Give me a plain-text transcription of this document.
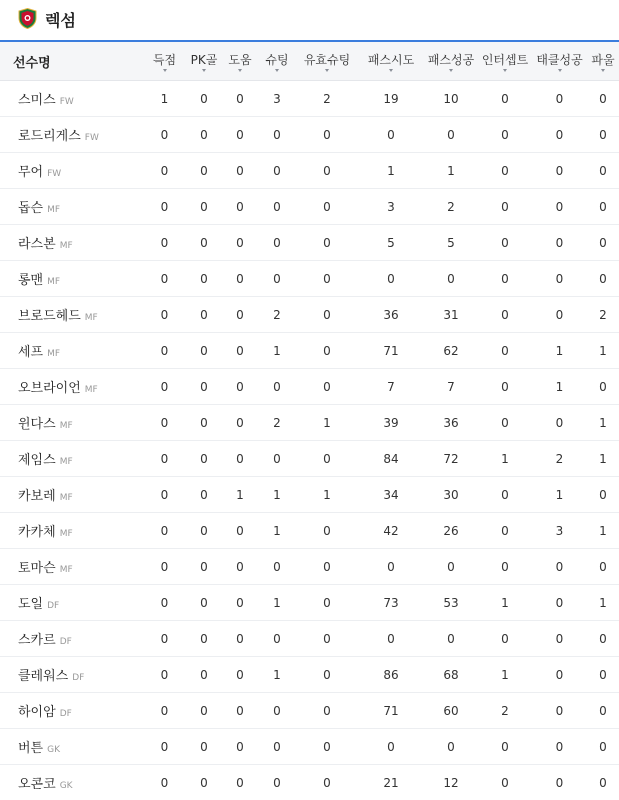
렉섬
선수명	득점	PK골	도움	슈팅	유효슈팅	패스시도	패스성공	인터셉트	태클성공	파울

스미스 FW	1	0	0	3	2	19	10	0	0	0
로드리게스 FW	0	0	0	0	0	0	0	0	0	0
무어 FW	0	0	0	0	0	1	1	0	0	0
돕슨 MF	0	0	0	0	0	3	2	0	0	0
라스본 MF	0	0	0	0	0	5	5	0	0	0
롱맨 MF	0	0	0	0	0	0	0	0	0	0
브로드헤드 MF	0	0	0	2	0	36	31	0	0	2
세프 MF	0	0	0	1	0	71	62	0	1	1
오브라이언 MF	0	0	0	0	0	7	7	0	1	0
윈다스 MF	0	0	0	2	1	39	36	0	0	1
제임스 MF	0	0	0	0	0	84	72	1	2	1
카보레 MF	0	0	1	1	1	34	30	0	1	0
카카체 MF	0	0	0	1	0	42	26	0	3	1
토마슨 MF	0	0	0	0	0	0	0	0	0	0
도일 DF	0	0	0	1	0	73	53	1	0	1
스카르 DF	0	0	0	0	0	0	0	0	0	0
클레워스 DF	0	0	0	1	0	86	68	1	0	0
하이암 DF	0	0	0	0	0	71	60	2	0	0
버튼 GK	0	0	0	0	0	0	0	0	0	0
오콘코 GK	0	0	0	0	0	21	12	0	0	0
